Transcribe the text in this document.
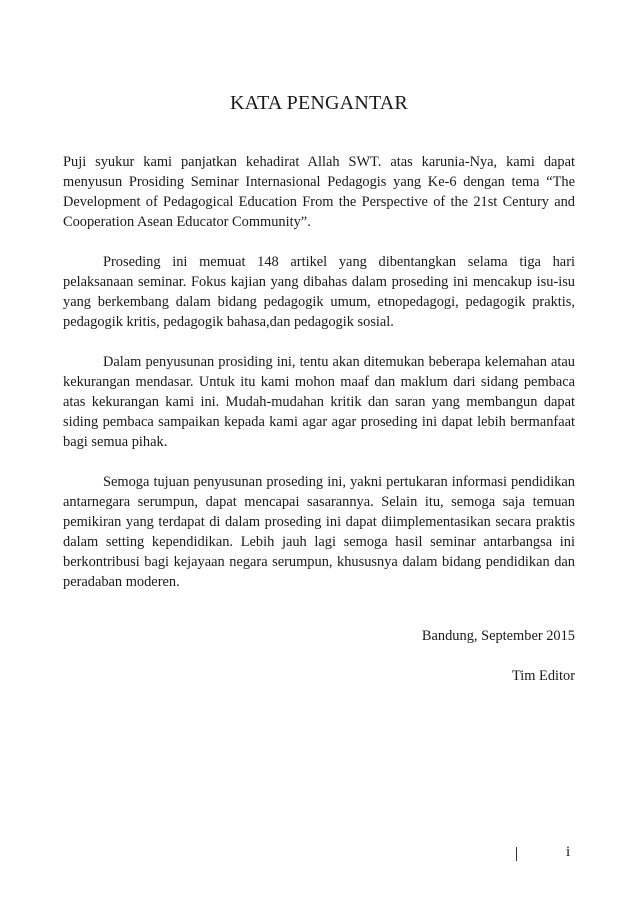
KATA PENGANTAR

Puji syukur kami panjatkan kehadirat Allah SWT. atas karunia-Nya, kami dapat menyusun Prosiding Seminar Internasional Pedagogis yang Ke-6 dengan tema “The Development of Pedagogical Education From the Perspective of the 21st Century and Cooperation Asean Educator Community”.

Proseding ini memuat 148 artikel yang dibentangkan selama tiga hari pelaksanaan seminar. Fokus kajian yang dibahas dalam proseding ini mencakup isu-isu yang berkembang dalam bidang pedagogik umum, etnopedagogi, pedagogik praktis, pedagogik kritis, pedagogik bahasa,dan pedagogik sosial.

Dalam penyusunan prosiding ini, tentu akan ditemukan beberapa kelemahan atau kekurangan mendasar. Untuk itu kami mohon maaf dan maklum dari sidang pembaca atas kekurangan kami ini. Mudah-mudahan kritik dan saran yang membangun dapat siding pembaca sampaikan kepada kami agar agar proseding ini dapat lebih bermanfaat bagi semua pihak.

Semoga tujuan penyusunan proseding ini, yakni pertukaran informasi pendidikan antarnegara serumpun, dapat mencapai sasarannya. Selain itu, semoga saja temuan pemikiran yang terdapat di dalam proseding ini dapat diimplementasikan secara praktis dalam setting kependidikan. Lebih jauh lagi semoga hasil seminar antarbangsa ini berkontribusi bagi kejayaan negara serumpun, khususnya dalam bidang pendidikan dan peradaban moderen.

Bandung, September 2015
Tim Editor
i
